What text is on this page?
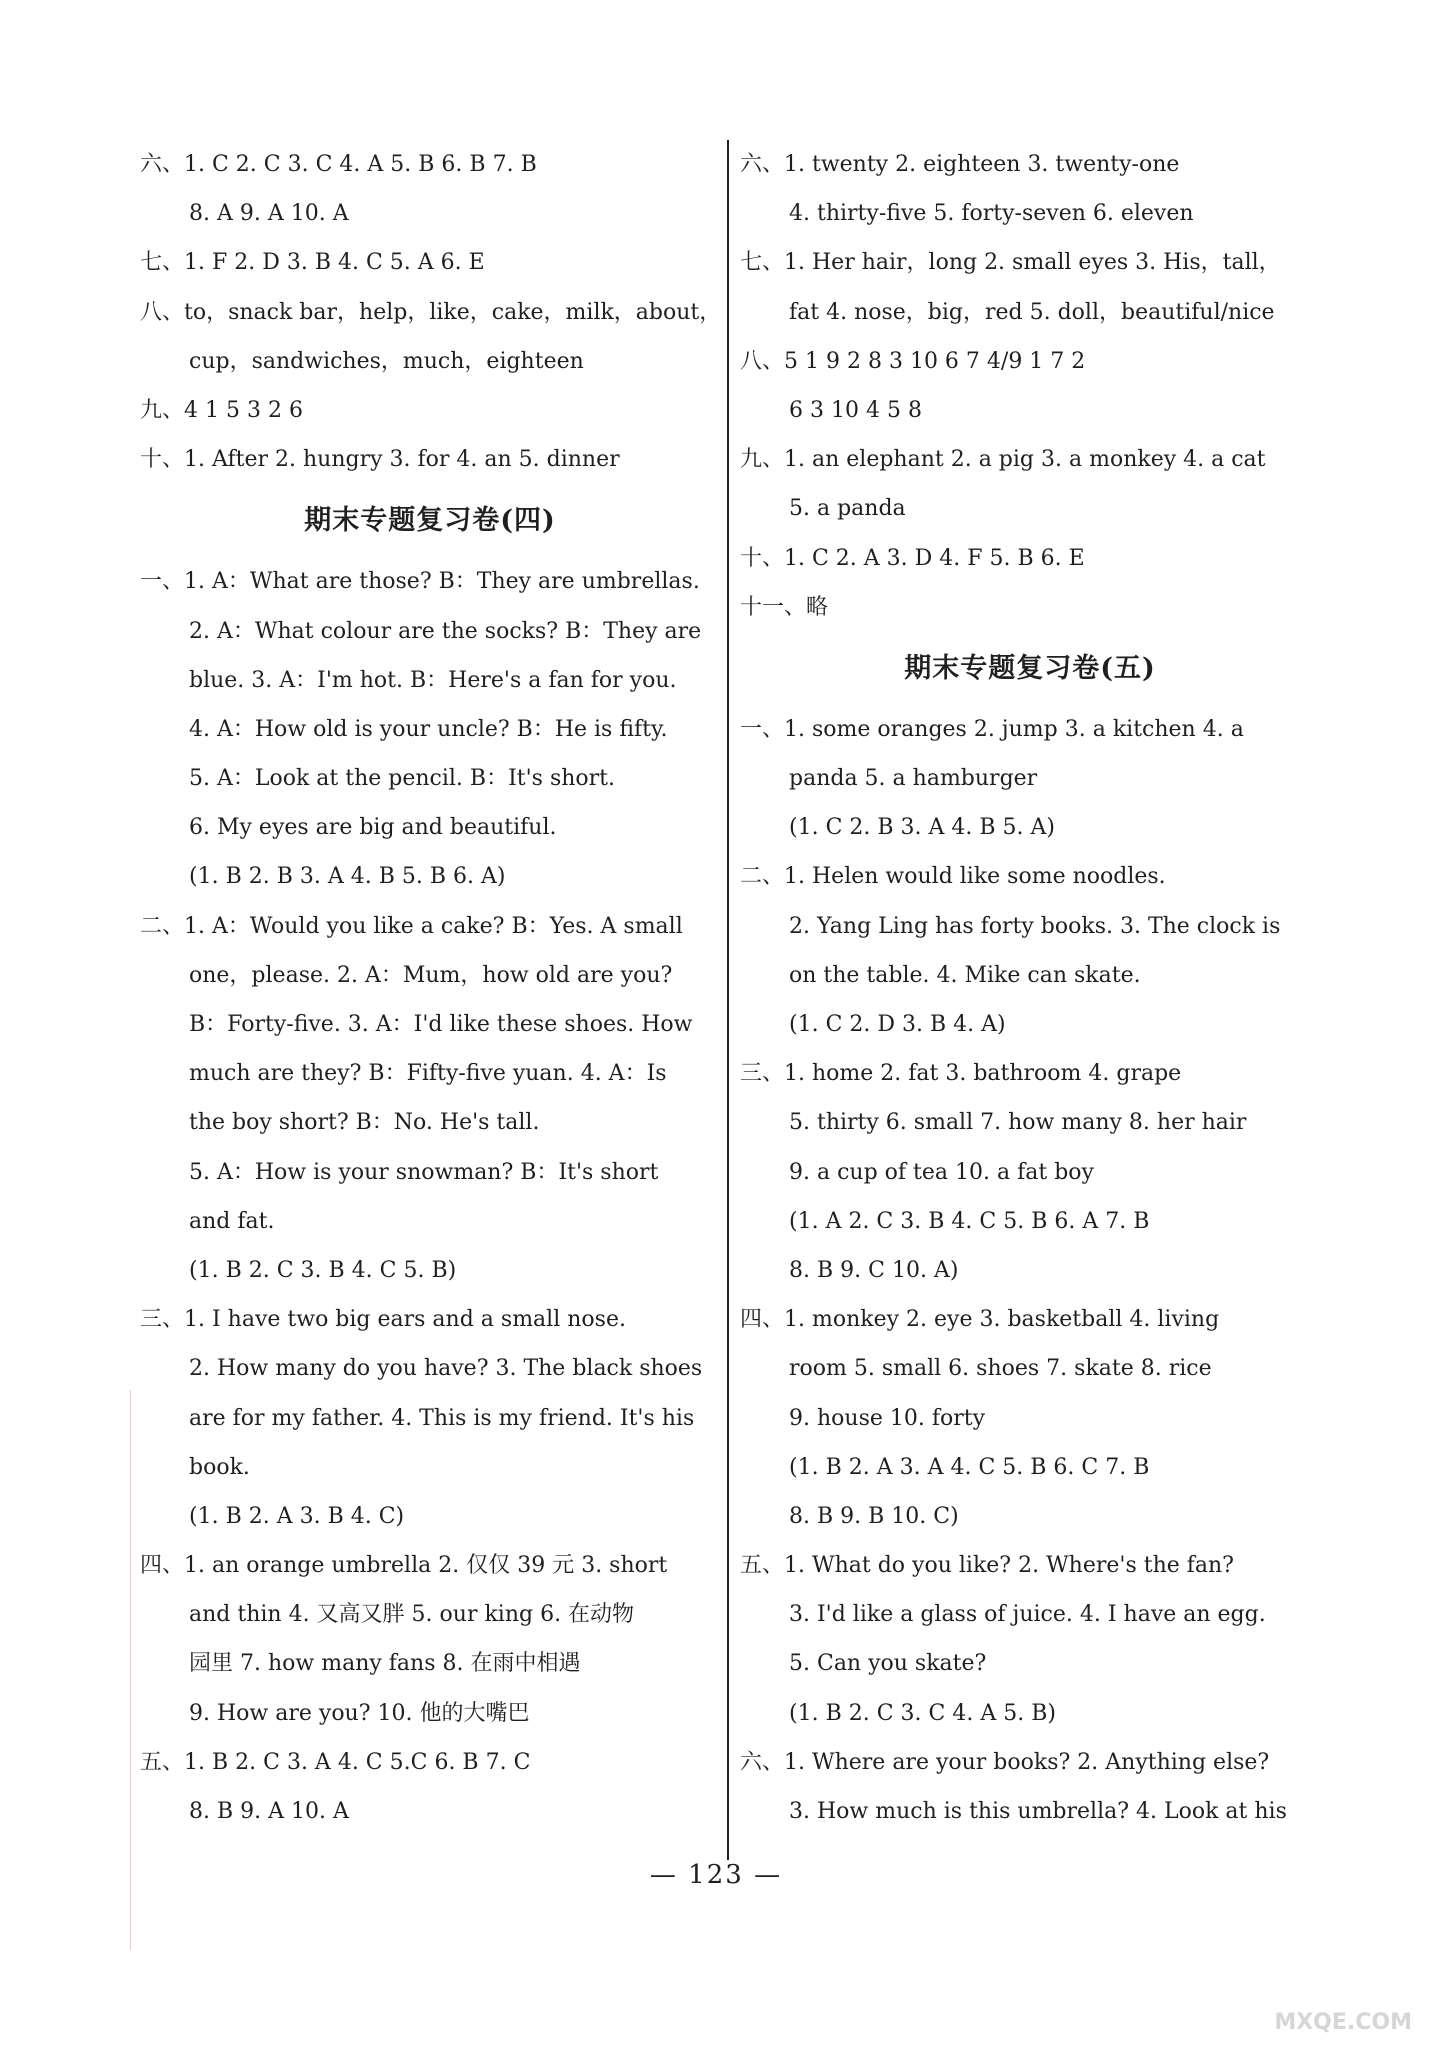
六、1. C 2. C 3. C 4. A 5. B 6. B 7. B
8. A 9. A 10. A
七、1. F 2. D 3. B 4. C 5. A 6. E
八、to，snack bar，help，like，cake，milk，about，
cup，sandwiches，much，eighteen
九、4 1 5 3 2 6
十、1. After 2. hungry 3. for 4. an 5. dinner
期末专题复习卷(四)
一、1. A：What are those? B：They are umbrellas.
2. A：What colour are the socks? B：They are
blue. 3. A：I'm hot. B：Here's a fan for you.
4. A：How old is your uncle? B：He is fifty.
5. A：Look at the pencil. B：It's short.
6. My eyes are big and beautiful.
(1. B 2. B 3. A 4. B 5. B 6. A)
二、1. A：Would you like a cake? B：Yes. A small
one，please. 2. A：Mum，how old are you?
B：Forty-five. 3. A：I'd like these shoes. How
much are they? B：Fifty-five yuan. 4. A：Is
the boy short? B：No. He's tall.
5. A：How is your snowman? B：It's short
and fat.
(1. B 2. C 3. B 4. C 5. B)
三、1. I have two big ears and a small nose.
2. How many do you have? 3. The black shoes
are for my father. 4. This is my friend. It's his
book.
(1. B 2. A 3. B 4. C)
四、1. an orange umbrella 2. 仅仅 39 元 3. short
and thin 4. 又高又胖 5. our king 6. 在动物
园里 7. how many fans 8. 在雨中相遇
9. How are you? 10. 他的大嘴巴
五、1. B 2. C 3. A 4. C 5.C 6. B 7. C
8. B 9. A 10. A
六、1. twenty 2. eighteen 3. twenty-one
4. thirty-five 5. forty-seven 6. eleven
七、1. Her hair，long 2. small eyes 3. His，tall，
fat 4. nose，big，red 5. doll，beautiful/nice
八、5 1 9 2 8 3 10 6 7 4/9 1 7 2
6 3 10 4 5 8
九、1. an elephant 2. a pig 3. a monkey 4. a cat
5. a panda
十、1. C 2. A 3. D 4. F 5. B 6. E
十一、略
期末专题复习卷(五)
一、1. some oranges 2. jump 3. a kitchen 4. a
panda 5. a hamburger
(1. C 2. B 3. A 4. B 5. A)
二、1. Helen would like some noodles.
2. Yang Ling has forty books. 3. The clock is
on the table. 4. Mike can skate.
(1. C 2. D 3. B 4. A)
三、1. home 2. fat 3. bathroom 4. grape
5. thirty 6. small 7. how many 8. her hair
9. a cup of tea 10. a fat boy
(1. A 2. C 3. B 4. C 5. B 6. A 7. B
8. B 9. C 10. A)
四、1. monkey 2. eye 3. basketball 4. living
room 5. small 6. shoes 7. skate 8. rice
9. house 10. forty
(1. B 2. A 3. A 4. C 5. B 6. C 7. B
8. B 9. B 10. C)
五、1. What do you like? 2. Where's the fan?
3. I'd like a glass of juice. 4. I have an egg.
5. Can you skate?
(1. B 2. C 3. C 4. A 5. B)
六、1. Where are your books? 2. Anything else?
3. How much is this umbrella? 4. Look at his
— 123 —
MXQE.COM
